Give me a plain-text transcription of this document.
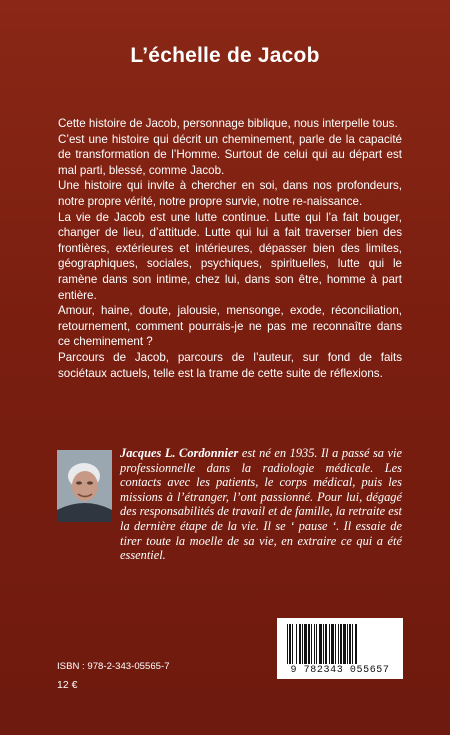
L’échelle de Jacob

Cette histoire de Jacob, personnage biblique, nous interpelle tous.

C’est une histoire qui décrit un cheminement, parle de la capacité de transformation de l’Homme. Surtout de celui qui au départ est mal parti, blessé, comme Jacob.

Une histoire qui invite à chercher en soi, dans nos profondeurs, notre propre vérité, notre propre survie, notre re-naissance.

La vie de Jacob est une lutte continue. Lutte qui l’a fait bouger, changer de lieu, d’attitude. Lutte qui lui a fait traverser bien des frontières, extérieures et intérieures, dépasser bien des limites, géographiques, sociales, psychiques, spirituelles, lutte qui le ramène dans son intime, chez lui, dans son être, homme à part entière.

Amour, haine, doute, jalousie, mensonge, exode, réconciliation, retournement, comment pourrais-je ne pas me reconnaître dans ce cheminement ?

Parcours de Jacob, parcours de l’auteur, sur fond de faits sociétaux actuels, telle est la trame de cette suite de réflexions.

Jacques L. Cordonnier est né en 1935. Il a passé sa vie professionnelle dans la radiologie médicale. Les contacts avec les patients, le corps médical, puis les missions à l’étranger, l’ont passionné. Pour lui, dégagé des responsabilités de travail et de famille, la retraite est la dernière étape de la vie. Il se ‘ pause ‘. Il essaie de tirer toute la moelle de sa vie, en extraire ce qui a été essentiel.
9 782343 055657
ISBN : 978-2-343-05565-7
12 €
